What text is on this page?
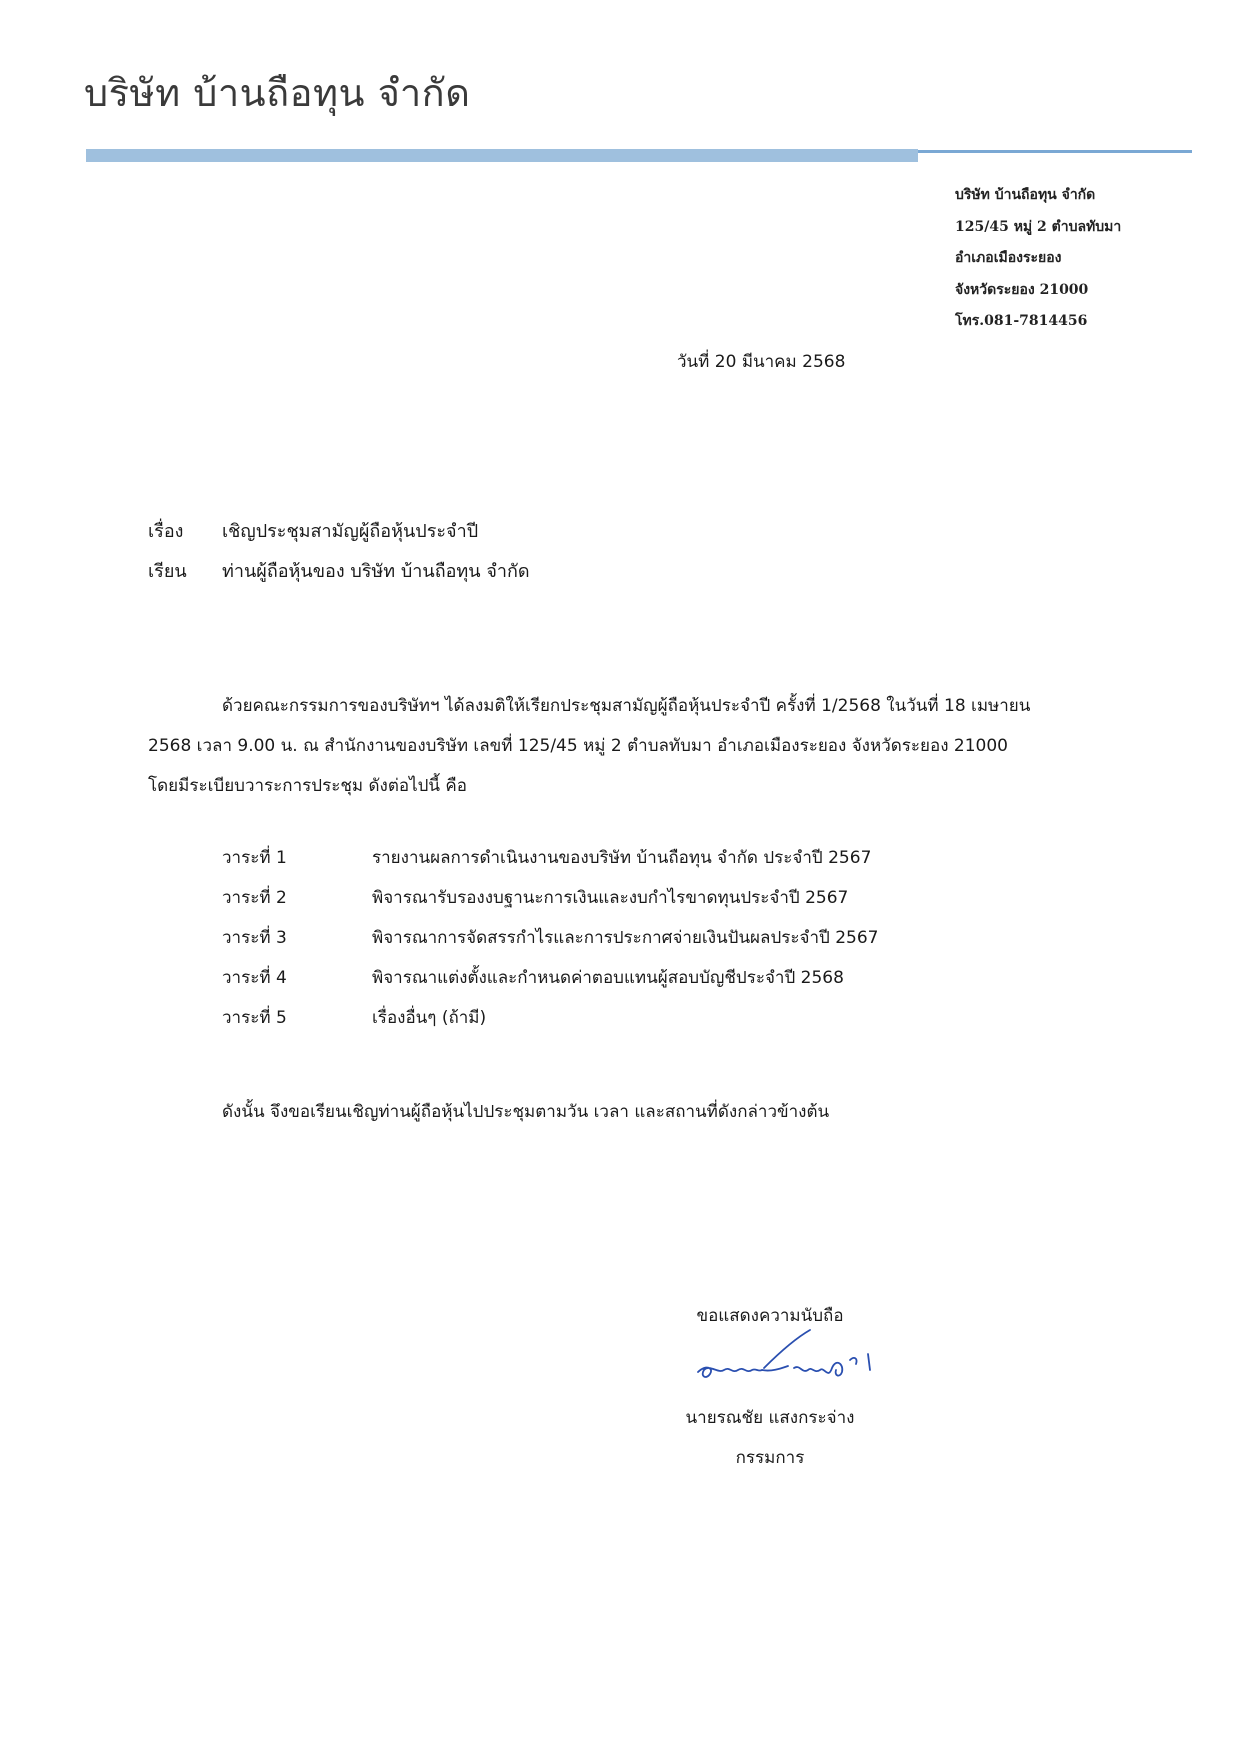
บริษัท บ้านถือทุน จำกัด
บริษัท บ้านถือทุน จำกัด
125/45 หมู่ 2 ตำบลทับมา
อำเภอเมืองระยอง
จังหวัดระยอง 21000
โทร.081-7814456
วันที่ 20 มีนาคม 2568
เรื่อง เชิญประชุมสามัญผู้ถือหุ้นประจำปี
เรียน ท่านผู้ถือหุ้นของ บริษัท บ้านถือทุน จำกัด
ด้วยคณะกรรมการของบริษัทฯ ได้ลงมติให้เรียกประชุมสามัญผู้ถือหุ้นประจำปี ครั้งที่ 1/2568 ในวันที่ 18 เมษายน
2568 เวลา 9.00 น. ณ สำนักงานของบริษัท เลขที่ 125/45 หมู่ 2 ตำบลทับมา อำเภอเมืองระยอง จังหวัดระยอง 21000
โดยมีระเบียบวาระการประชุม ดังต่อไปนี้ คือ
วาระที่ 1	รายงานผลการดำเนินงานของบริษัท บ้านถือทุน จำกัด ประจำปี 2567
วาระที่ 2	พิจารณารับรองงบฐานะการเงินและงบกำไรขาดทุนประจำปี 2567
วาระที่ 3	พิจารณาการจัดสรรกำไรและการประกาศจ่ายเงินปันผลประจำปี 2567
วาระที่ 4	พิจารณาแต่งตั้งและกำหนดค่าตอบแทนผู้สอบบัญชีประจำปี 2568
วาระที่ 5	เรื่องอื่นๆ (ถ้ามี)
ดังนั้น จึงขอเรียนเชิญท่านผู้ถือหุ้นไปประชุมตามวัน เวลา และสถานที่ดังกล่าวข้างต้น
ขอแสดงความนับถือ
นายรณชัย แสงกระจ่าง
กรรมการ
